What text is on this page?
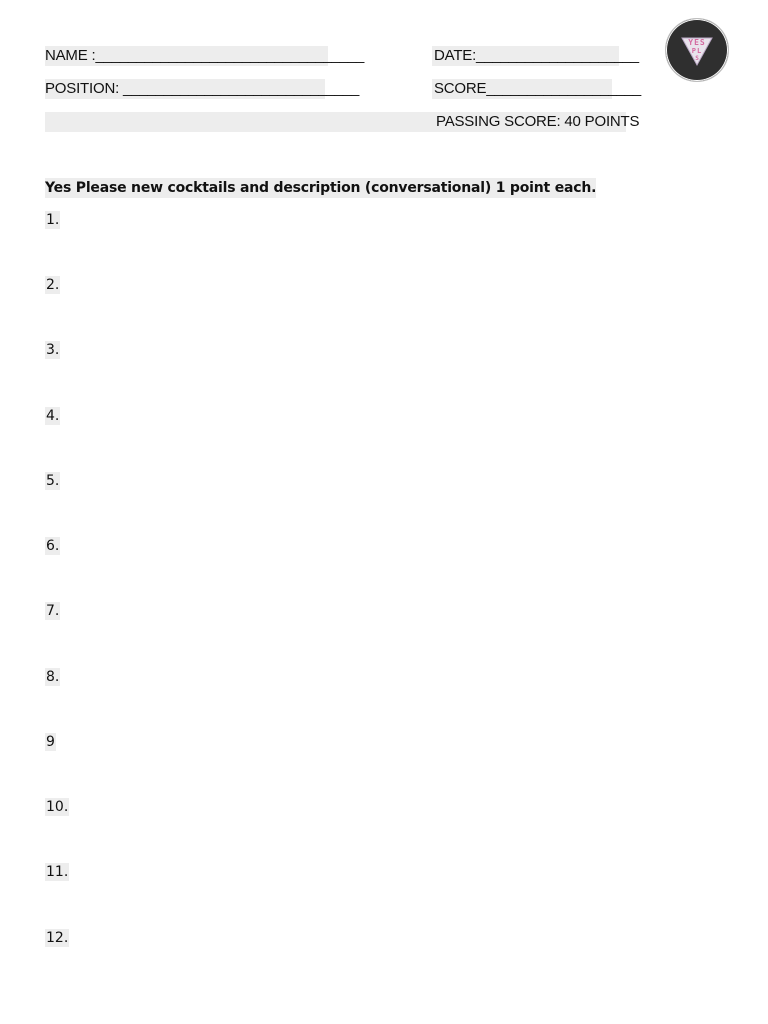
NAME :_________________________________	DATE:____________________
POSITION: _____________________________	SCORE___________________
PASSING SCORE: 40 POINTS
YES
PL
S
Yes Please new cocktails and description (conversational) 1 point each.
1.
2.
3.
4.
5.
6.
7.
8.
9
10.
11.
12.
